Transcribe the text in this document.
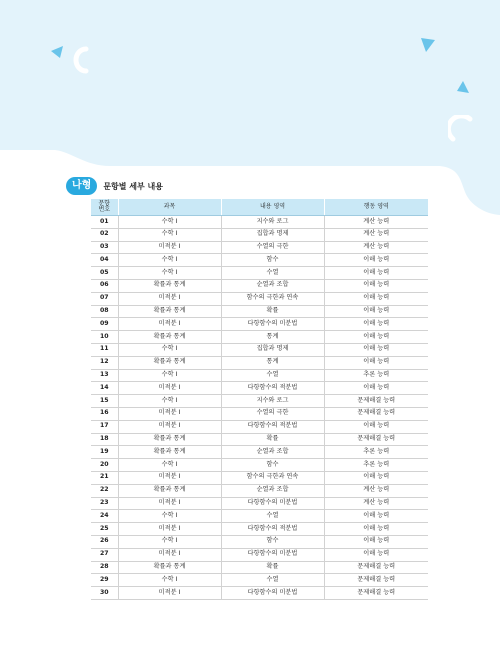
나형	문항별 세부 내용
문항
번호	과목	내용 영역	행동 영역
01	수학 I	지수와 로그	계산 능력
02	수학 I	집합과 명제	계산 능력
03	미적분 I	수열의 극한	계산 능력
04	수학 I	함수	이해 능력
05	수학 I	수열	이해 능력
06	확률과 통계	순열과 조합	이해 능력
07	미적분 I	함수의 극한과 연속	이해 능력
08	확률과 통계	확률	이해 능력
09	미적분 I	다항함수의 미분법	이해 능력
10	확률과 통계	통계	이해 능력
11	수학 I	집합과 명제	이해 능력
12	확률과 통계	통계	이해 능력
13	수학 I	수열	추론 능력
14	미적분 I	다항함수의 적분법	이해 능력
15	수학 I	지수와 로그	문제해결 능력
16	미적분 I	수열의 극한	문제해결 능력
17	미적분 I	다항함수의 적분법	이해 능력
18	확률과 통계	확률	문제해결 능력
19	확률과 통계	순열과 조합	추론 능력
20	수학 I	함수	추론 능력
21	미적분 I	함수의 극한과 연속	이해 능력
22	확률과 통계	순열과 조합	계산 능력
23	미적분 I	다항함수의 미분법	계산 능력
24	수학 I	수열	이해 능력
25	미적분 I	다항함수의 적분법	이해 능력
26	수학 I	함수	이해 능력
27	미적분 I	다항함수의 미분법	이해 능력
28	확률과 통계	확률	문제해결 능력
29	수학 I	수열	문제해결 능력
30	미적분 I	다항함수의 미분법	문제해결 능력
